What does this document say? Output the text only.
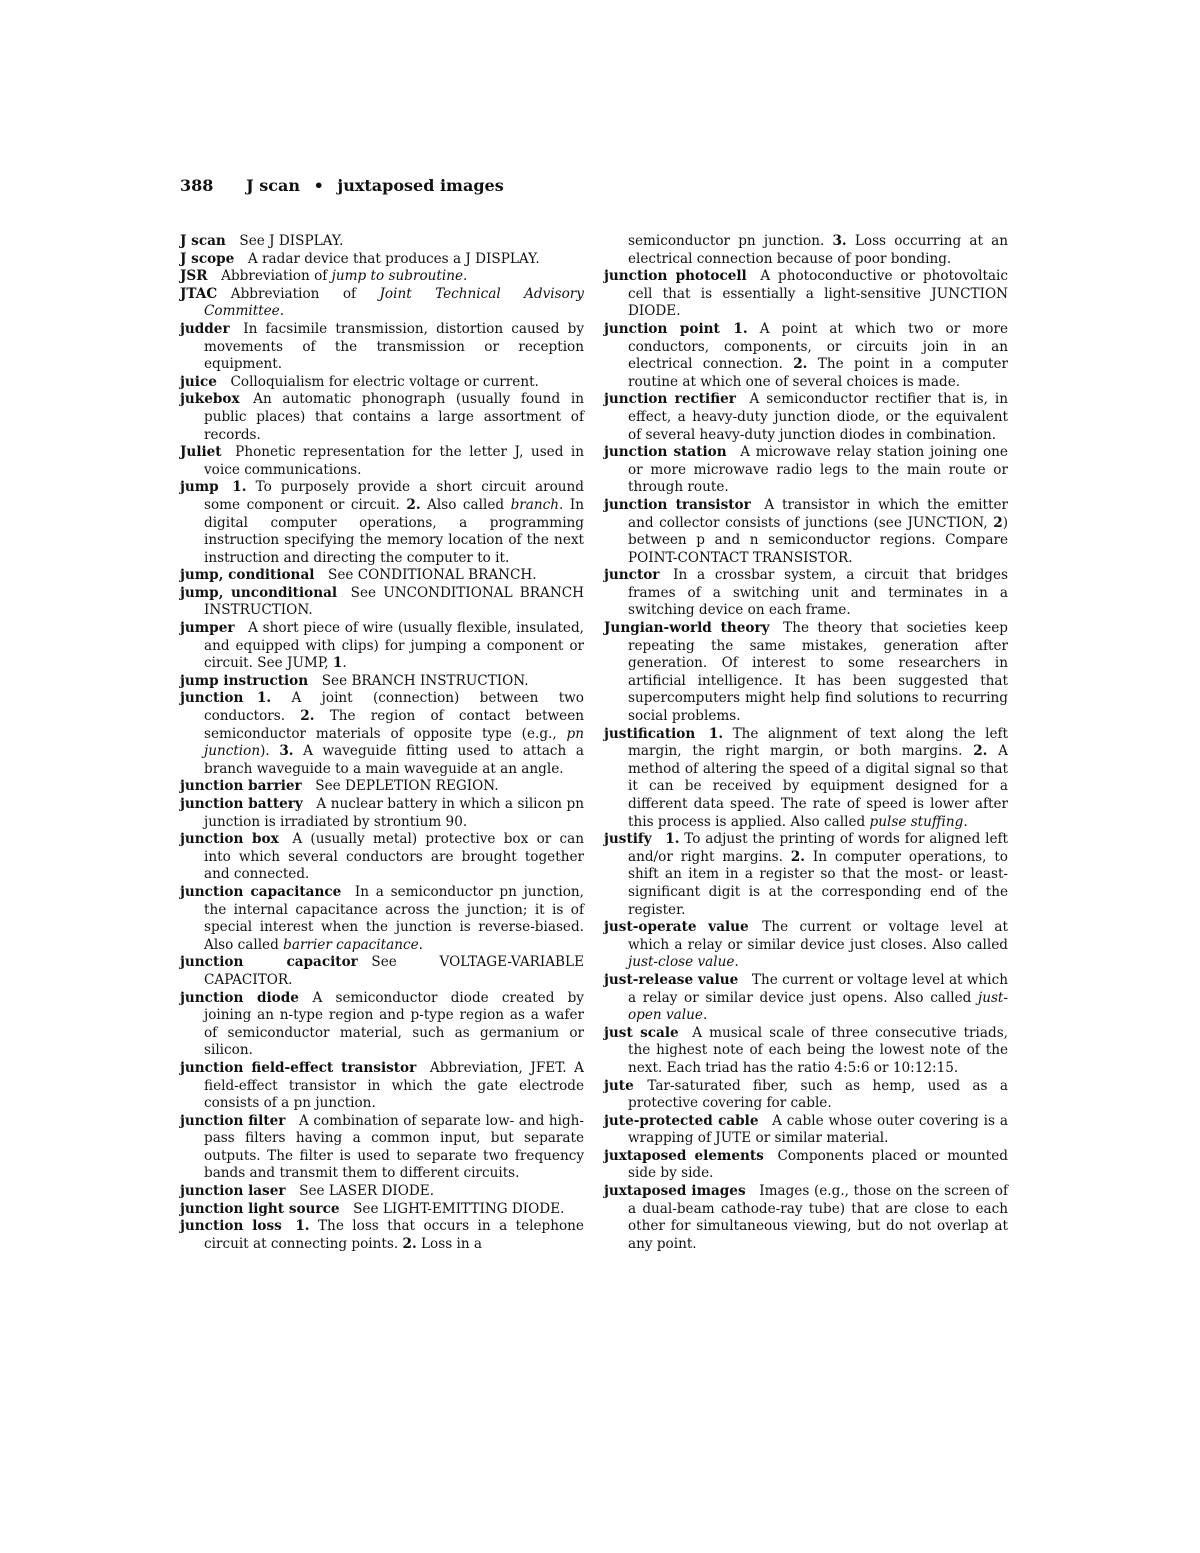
388 J scan • juxtaposed images

J scan  See J DISPLAY.

J scope  A radar device that produces a J DISPLAY.

JSR  Abbreviation of jump to subroutine.

JTAC  Abbreviation of Joint Technical Advisory Committee.

judder  In facsimile transmission, distortion caused by movements of the transmission or reception equipment.

juice  Colloquialism for electric voltage or current.

jukebox  An automatic phonograph (usually found in public places) that contains a large assortment of records.

Juliet  Phonetic representation for the letter J, used in voice communications.

jump  1. To purposely provide a short circuit around some component or circuit. 2. Also called branch. In digital computer operations, a programming instruction specifying the memory location of the next instruction and directing the computer to it.

jump, conditional  See CONDITIONAL BRANCH.

jump, unconditional  See UNCONDITIONAL BRANCH INSTRUCTION.

jumper  A short piece of wire (usually flexible, insulated, and equipped with clips) for jumping a component or circuit. See JUMP, 1.

jump instruction  See BRANCH INSTRUCTION.

junction  1. A joint (connection) between two conductors. 2. The region of contact between semiconductor materials of opposite type (e.g., pn junction). 3. A waveguide fitting used to attach a branch waveguide to a main waveguide at an angle.

junction barrier  See DEPLETION REGION.

junction battery  A nuclear battery in which a silicon pn junction is irradiated by strontium 90.

junction box  A (usually metal) protective box or can into which several conductors are brought together and connected.

junction capacitance  In a semiconductor pn junction, the internal capacitance across the junction; it is of special interest when the junction is reverse-biased. Also called barrier capacitance.

junction capacitor  See VOLTAGE-VARIABLE CAPACITOR.

junction diode  A semiconductor diode created by joining an n-type region and p-type region as a wafer of semiconductor material, such as germanium or silicon.

junction field-effect transistor  Abbreviation, JFET. A field-effect transistor in which the gate electrode consists of a pn junction.

junction filter  A combination of separate low- and high-pass filters having a common input, but separate outputs. The filter is used to separate two frequency bands and transmit them to different circuits.

junction laser  See LASER DIODE.

junction light source  See LIGHT-EMITTING DIODE.

junction loss  1. The loss that occurs in a telephone circuit at connecting points. 2. Loss in a

semiconductor pn junction. 3. Loss occurring at an electrical connection because of poor bonding.

junction photocell  A photoconductive or photovoltaic cell that is essentially a light-sensitive JUNCTION DIODE.

junction point  1. A point at which two or more conductors, components, or circuits join in an electrical connection. 2. The point in a computer routine at which one of several choices is made.

junction rectifier  A semiconductor rectifier that is, in effect, a heavy-duty junction diode, or the equivalent of several heavy-duty junction diodes in combination.

junction station  A microwave relay station joining one or more microwave radio legs to the main route or through route.

junction transistor  A transistor in which the emitter and collector consists of junctions (see JUNCTION, 2) between p and n semiconductor regions. Compare POINT-CONTACT TRANSISTOR.

junctor  In a crossbar system, a circuit that bridges frames of a switching unit and terminates in a switching device on each frame.

Jungian-world theory  The theory that societies keep repeating the same mistakes, generation after generation. Of interest to some researchers in artificial intelligence. It has been suggested that supercomputers might help find solutions to recurring social problems.

justification  1. The alignment of text along the left margin, the right margin, or both margins. 2. A method of altering the speed of a digital signal so that it can be received by equipment designed for a different data speed. The rate of speed is lower after this process is applied. Also called pulse stuffing.

justify  1. To adjust the printing of words for aligned left and/or right margins. 2. In computer operations, to shift an item in a register so that the most- or least-significant digit is at the corresponding end of the register.

just-operate value  The current or voltage level at which a relay or similar device just closes. Also called just-close value.

just-release value  The current or voltage level at which a relay or similar device just opens. Also called just-open value.

just scale  A musical scale of three consecutive triads, the highest note of each being the lowest note of the next. Each triad has the ratio 4:5:6 or 10:12:15.

jute  Tar-saturated fiber, such as hemp, used as a protective covering for cable.

jute-protected cable  A cable whose outer covering is a wrapping of JUTE or similar material.

juxtaposed elements  Components placed or mounted side by side.

juxtaposed images  Images (e.g., those on the screen of a dual-beam cathode-ray tube) that are close to each other for simultaneous viewing, but do not overlap at any point.
